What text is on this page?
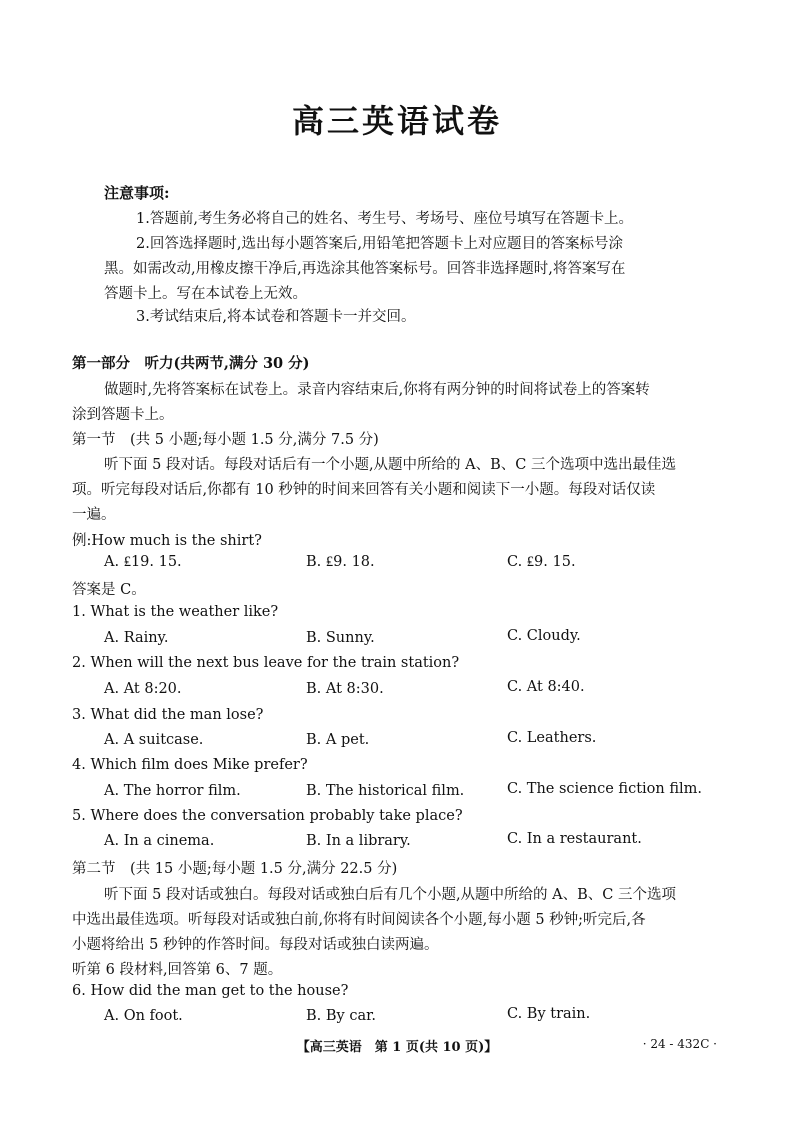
高三英语试卷
注意事项:
1.答题前,考生务必将自己的姓名、考生号、考场号、座位号填写在答题卡上。
2.回答选择题时,选出每小题答案后,用铅笔把答题卡上对应题目的答案标号涂
黑。如需改动,用橡皮擦干净后,再选涂其他答案标号。回答非选择题时,将答案写在
答题卡上。写在本试卷上无效。
3.考试结束后,将本试卷和答题卡一并交回。
第一部分　听力(共两节,满分 30 分)
做题时,先将答案标在试卷上。录音内容结束后,你将有两分钟的时间将试卷上的答案转
涂到答题卡上。
第一节　(共 5 小题;每小题 1.5 分,满分 7.5 分)
听下面 5 段对话。每段对话后有一个小题,从题中所给的 A、B、C 三个选项中选出最佳选
项。听完每段对话后,你都有 10 秒钟的时间来回答有关小题和阅读下一小题。每段对话仅读
一遍。
例:How much is the shirt?
A. ₤19. 15.	B. ₤9. 18.	C. ₤9. 15.
答案是 C。
1. What is the weather like?
A. Rainy.	B. Sunny.	C. Cloudy.
2. When will the next bus leave for the train station?
A. At 8:20.	B. At 8:30.	C. At 8:40.
3. What did the man lose?
A. A suitcase.	B. A pet.	C. Leathers.
4. Which film does Mike prefer?
A. The horror film.	B. The historical film.	C. The science fiction film.
5. Where does the conversation probably take place?
A. In a cinema.	B. In a library.	C. In a restaurant.
第二节　(共 15 小题;每小题 1.5 分,满分 22.5 分)
听下面 5 段对话或独白。每段对话或独白后有几个小题,从题中所给的 A、B、C 三个选项
中选出最佳选项。听每段对话或独白前,你将有时间阅读各个小题,每小题 5 秒钟;听完后,各
小题将给出 5 秒钟的作答时间。每段对话或独白读两遍。
听第 6 段材料,回答第 6、7 题。
6. How did the man get to the house?
A. On foot.	B. By car.	C. By train.
【高三英语　第 1 页(共 10 页)】	· 24 - 432C ·
